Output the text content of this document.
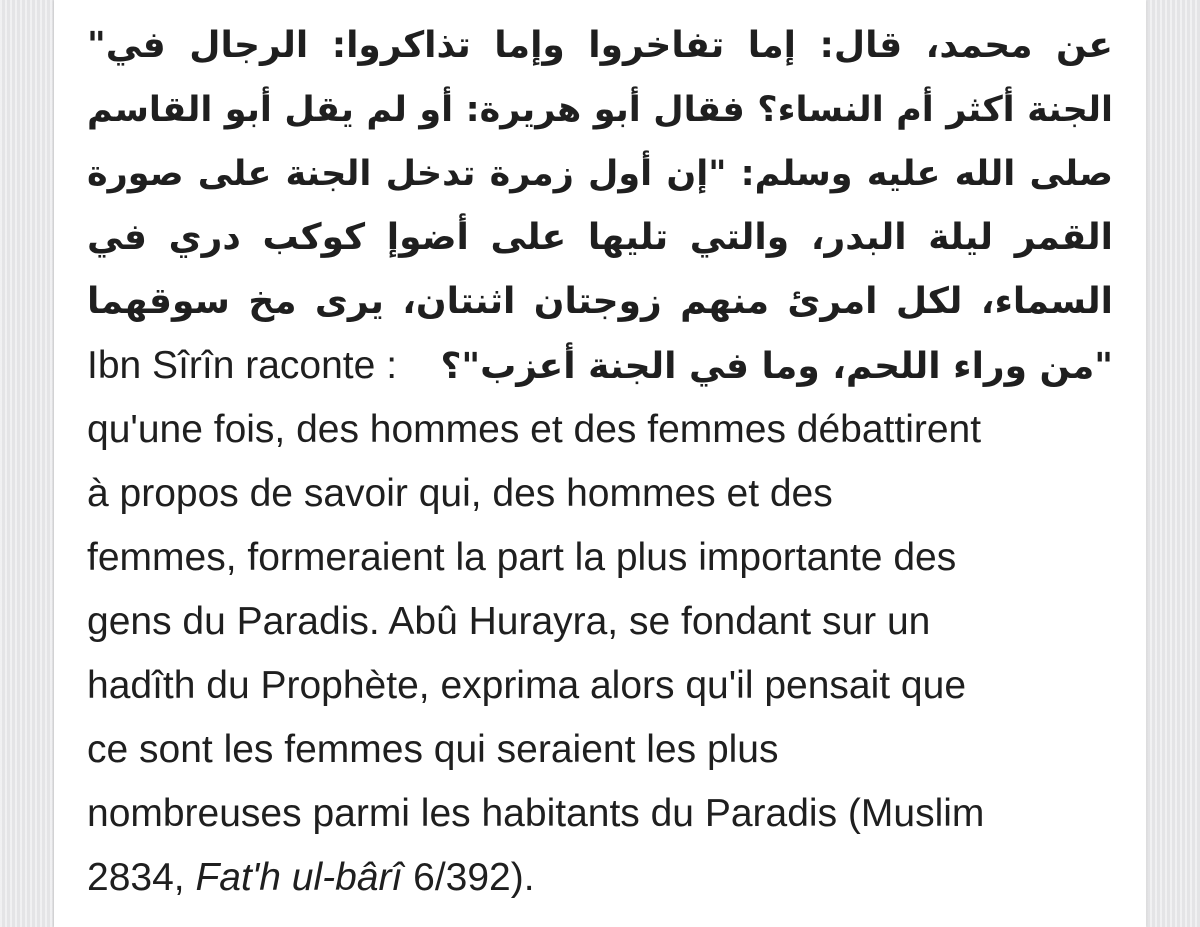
عن محمد، قال: إما تفاخروا وإما تذاكروا: الرجال في"
الجنة أكثر أم النساء؟ فقال أبو هريرة: أو لم يقل أبو القاسم
صلى الله عليه وسلم: "إن أول زمرة تدخل الجنة على صورة
القمر ليلة البدر، والتي تليها على أضوإ كوكب دري في
السماء، لكل امرئ منهم زوجتان اثنتان، يرى مخ سوقهما
Ibn Sîrîn raconte : "من وراء اللحم، وما في الجنة أعزب"؟
qu'une fois, des hommes et des femmes débattirent
à propos de savoir qui, des hommes et des
femmes, formeraient la part la plus importante des
gens du Paradis. Abû Hurayra, se fondant sur un
hadîth du Prophète, exprima alors qu'il pensait que
ce sont les femmes qui seraient les plus
nombreuses parmi les habitants du Paradis (Muslim
2834, Fat'h ul-bârî 6/392).
